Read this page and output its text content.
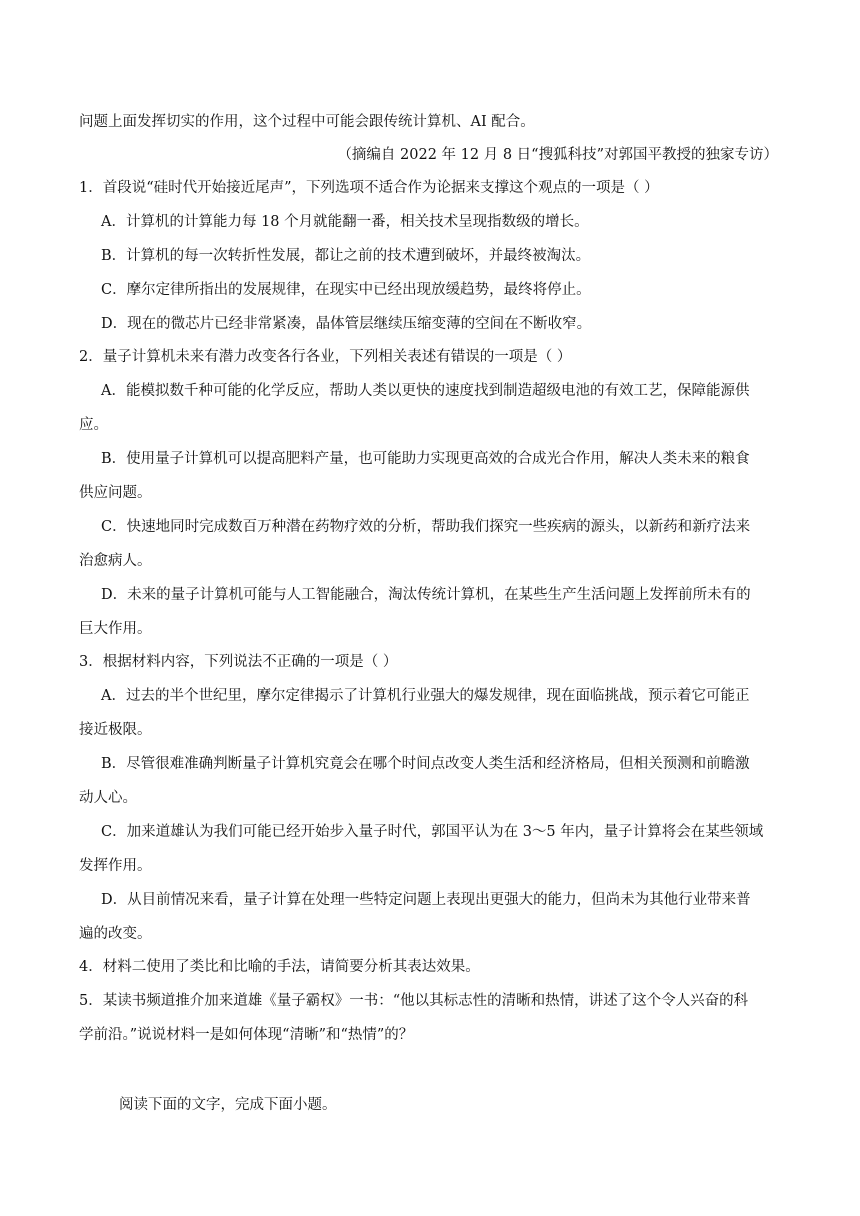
问题上面发挥切实的作用，这个过程中可能会跟传统计算机、AI 配合。
（摘编自 2022 年 12 月 8 日“搜狐科技”对郭国平教授的独家专访）
1．首段说“硅时代开始接近尾声”，下列选项不适合作为论据来支撑这个观点的一项是（ ）
A．计算机的计算能力每 18 个月就能翻一番，相关技术呈现指数级的增长。
B．计算机的每一次转折性发展，都让之前的技术遭到破坏，并最终被淘汰。
C．摩尔定律所指出的发展规律，在现实中已经出现放缓趋势，最终将停止。
D．现在的微芯片已经非常紧凑，晶体管层继续压缩变薄的空间在不断收窄。
2．量子计算机未来有潜力改变各行各业，下列相关表述有错误的一项是（ ）
A．能模拟数千种可能的化学反应，帮助人类以更快的速度找到制造超级电池的有效工艺，保障能源供
应。
B．使用量子计算机可以提高肥料产量，也可能助力实现更高效的合成光合作用，解决人类未来的粮食
供应问题。
C．快速地同时完成数百万种潜在药物疗效的分析，帮助我们探究一些疾病的源头，以新药和新疗法来
治愈病人。
D．未来的量子计算机可能与人工智能融合，淘汰传统计算机，在某些生产生活问题上发挥前所未有的
巨大作用。
3．根据材料内容，下列说法不正确的一项是（ ）
A．过去的半个世纪里，摩尔定律揭示了计算机行业强大的爆发规律，现在面临挑战，预示着它可能正
接近极限。
B．尽管很难准确判断量子计算机究竟会在哪个时间点改变人类生活和经济格局，但相关预测和前瞻激
动人心。
C．加来道雄认为我们可能已经开始步入量子时代，郭国平认为在 3～5 年内，量子计算将会在某些领域
发挥作用。
D．从目前情况来看，量子计算在处理一些特定问题上表现出更强大的能力，但尚未为其他行业带来普
遍的改变。
4．材料二使用了类比和比喻的手法，请简要分析其表达效果。
5．某读书频道推介加来道雄《量子霸权》一书：“他以其标志性的清晰和热情，讲述了这个令人兴奋的科
学前沿。”说说材料一是如何体现“清晰”和“热情”的？
阅读下面的文字，完成下面小题。
